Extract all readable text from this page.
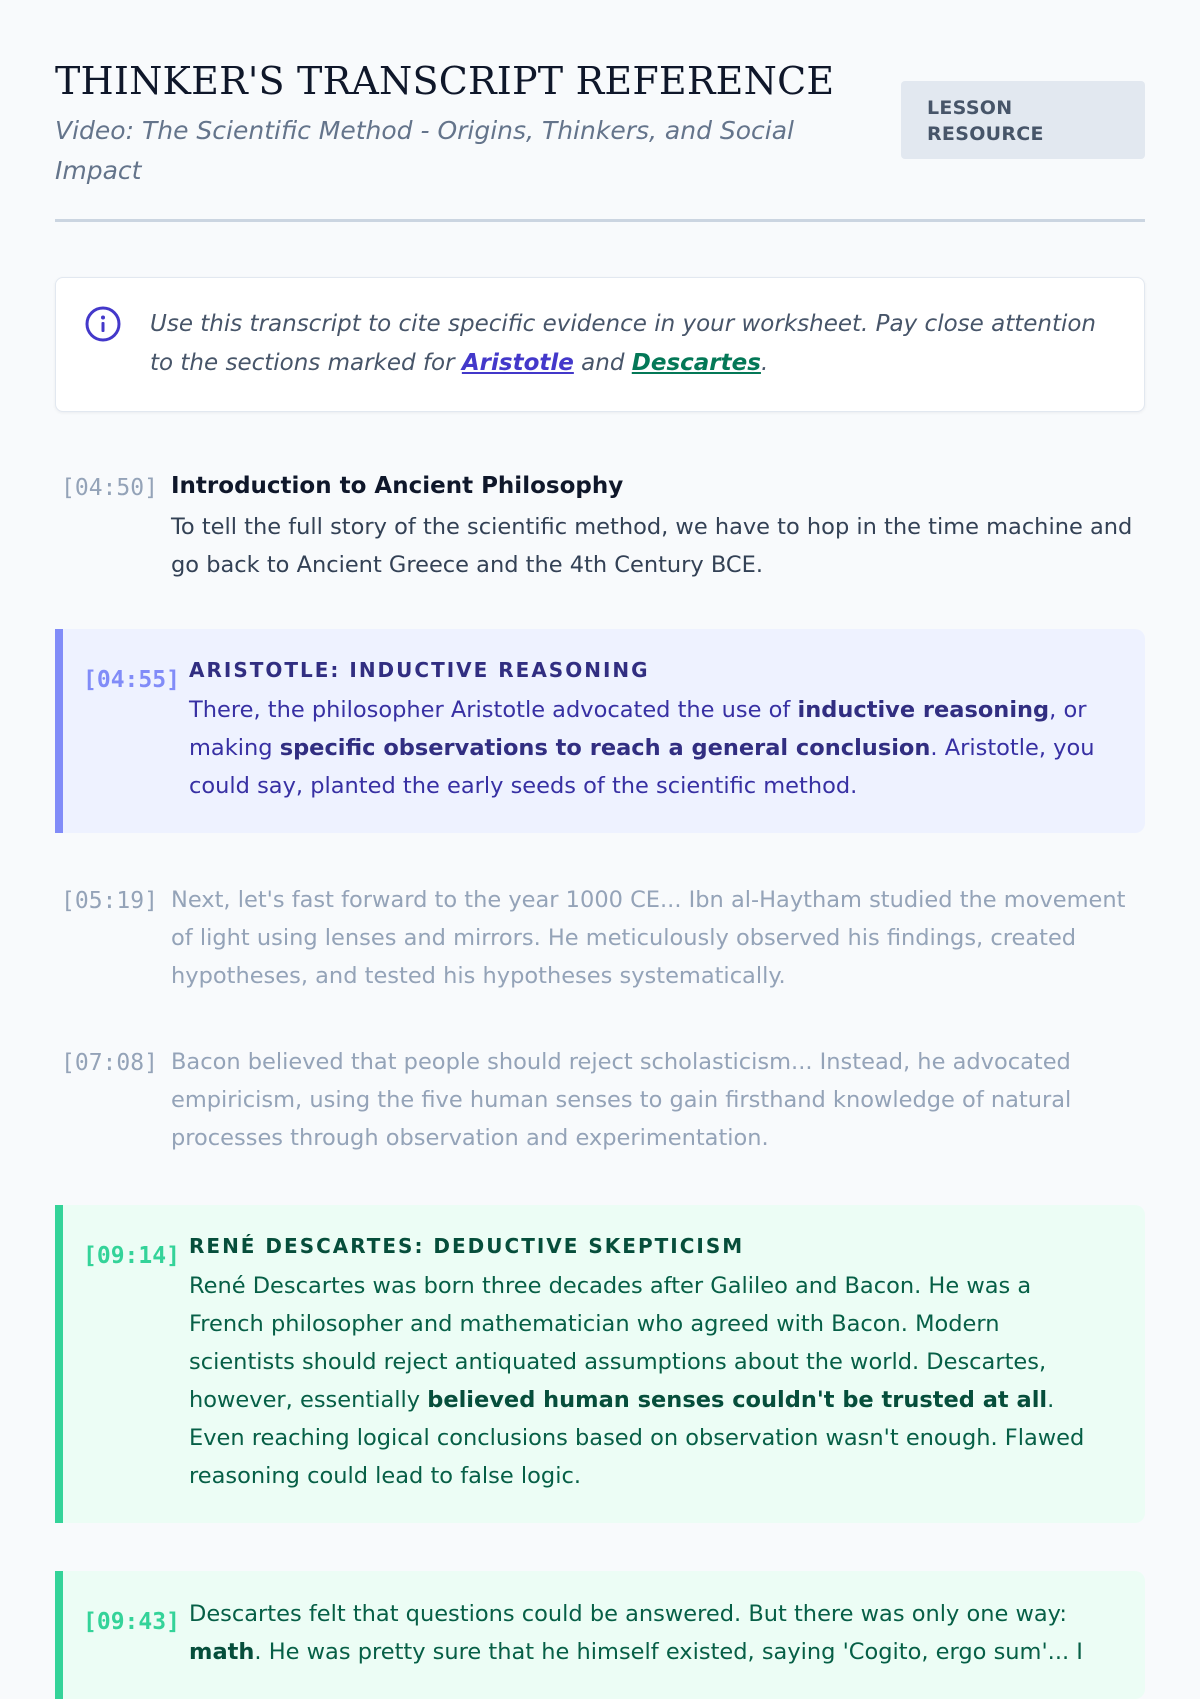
THINKER'S TRANSCRIPT REFERENCE

Video: The Scientific Method - Origins, Thinkers, and Social Impact

LESSON RESOURCE
Use this transcript to cite specific evidence in your worksheet. Pay close attention to the sections marked for Aristotle and Descartes.
[04:50] Introduction to Ancient Philosophy
To tell the full story of the scientific method, we have to hop in the time machine and go back to Ancient Greece and the 4th Century BCE.
[04:55] ARISTOTLE: INDUCTIVE REASONING
There, the philosopher Aristotle advocated the use of inductive reasoning, or making specific observations to reach a general conclusion. Aristotle, you could say, planted the early seeds of the scientific method.
[05:19] Next, let's fast forward to the year 1000 CE... Ibn al-Haytham studied the movement of light using lenses and mirrors. He meticulously observed his findings, created hypotheses, and tested his hypotheses systematically.
[07:08] Bacon believed that people should reject scholasticism... Instead, he advocated empiricism, using the five human senses to gain firsthand knowledge of natural processes through observation and experimentation.
[09:14] RENÉ DESCARTES: DEDUCTIVE SKEPTICISM
René Descartes was born three decades after Galileo and Bacon. He was a French philosopher and mathematician who agreed with Bacon. Modern scientists should reject antiquated assumptions about the world. Descartes, however, essentially believed human senses couldn't be trusted at all. Even reaching logical conclusions based on observation wasn't enough. Flawed reasoning could lead to false logic.
[09:43] Descartes felt that questions could be answered. But there was only one way: math. He was pretty sure that he himself existed, saying 'Cogito, ergo sum'... I
